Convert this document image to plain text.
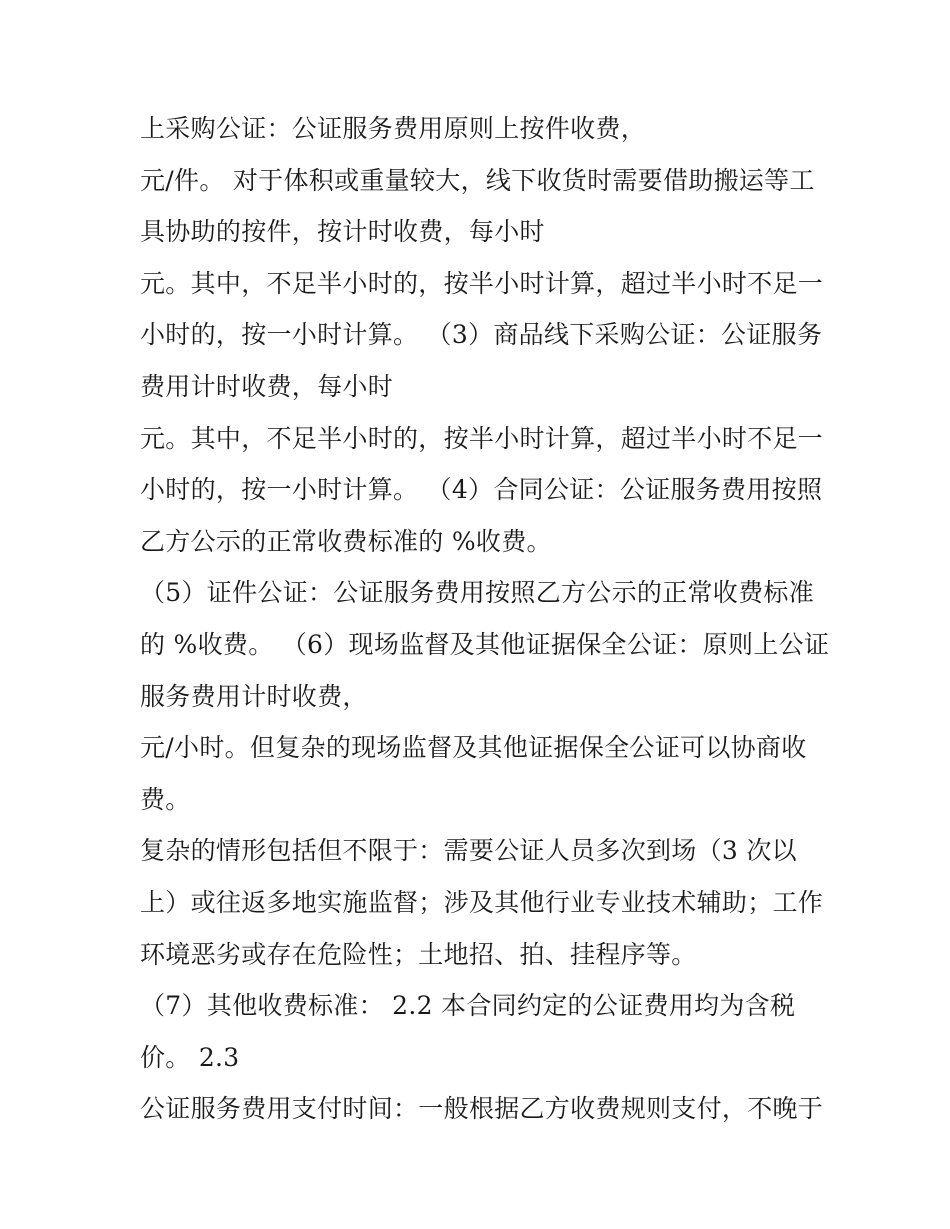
上采购公证：公证服务费用原则上按件收费，
元/件。 对于体积或重量较大，线下收货时需要借助搬运等工
具协助的按件，按计时收费，每小时
元。其中，不足半小时的，按半小时计算，超过半小时不足一
小时的，按一小时计算。 （3）商品线下采购公证：公证服务
费用计时收费，每小时
元。其中，不足半小时的，按半小时计算，超过半小时不足一
小时的，按一小时计算。 （4）合同公证：公证服务费用按照
乙方公示的正常收费标准的 %收费。
（5）证件公证：公证服务费用按照乙方公示的正常收费标准
的 %收费。 （6）现场监督及其他证据保全公证：原则上公证
服务费用计时收费，
元/小时。但复杂的现场监督及其他证据保全公证可以协商收
费。
复杂的情形包括但不限于：需要公证人员多次到场（3 次以
上）或往返多地实施监督；涉及其他行业专业技术辅助；工作
环境恶劣或存在危险性；土地招、拍、挂程序等。
（7）其他收费标准： 2.2 本合同约定的公证费用均为含税
价。 2.3
公证服务费用支付时间：一般根据乙方收费规则支付，不晚于
